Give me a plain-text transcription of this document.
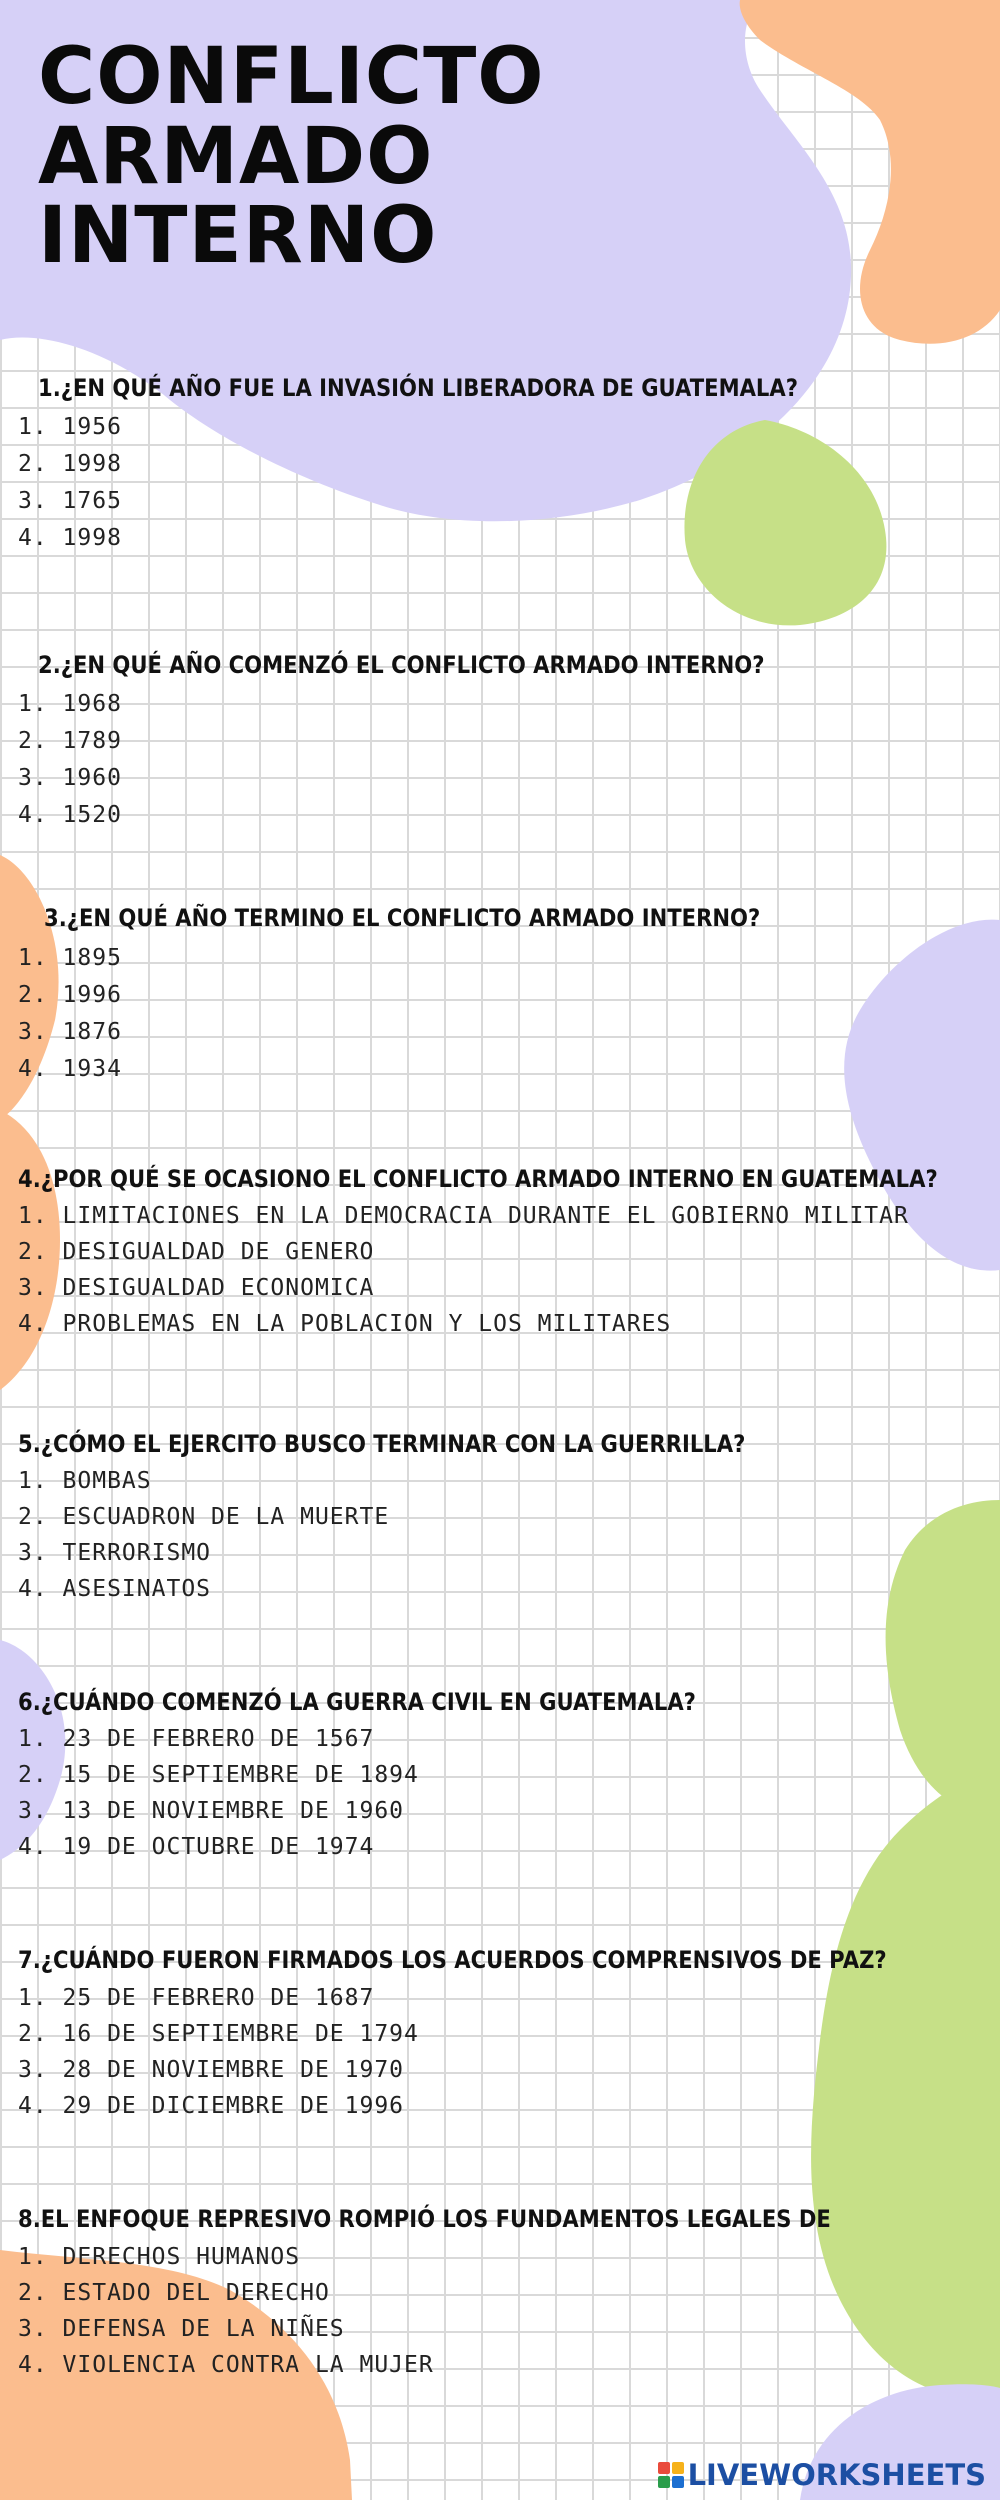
CONFLICTO
ARMADO
INTERNO

1.¿EN QUÉ AÑO FUE LA INVASIÓN LIBERADORA DE GUATEMALA?

1. 1956
2. 1998
3. 1765
4. 1998

2.¿EN QUÉ AÑO COMENZÓ EL CONFLICTO ARMADO INTERNO?

1. 1968
2. 1789
3. 1960
4. 1520

3.¿EN QUÉ AÑO TERMINO EL CONFLICTO ARMADO INTERNO?

1. 1895
2. 1996
3. 1876
4. 1934

4.¿POR QUÉ SE OCASIONO EL CONFLICTO ARMADO INTERNO EN GUATEMALA?

1. LIMITACIONES EN LA DEMOCRACIA DURANTE EL GOBIERNO MILITAR
2. DESIGUALDAD DE GENERO
3. DESIGUALDAD ECONOMICA
4. PROBLEMAS EN LA POBLACION Y LOS MILITARES

5.¿CÓMO EL EJERCITO BUSCO TERMINAR CON LA GUERRILLA?

1. BOMBAS
2. ESCUADRON DE LA MUERTE
3. TERRORISMO
4. ASESINATOS

6.¿CUÁNDO COMENZÓ LA GUERRA CIVIL EN GUATEMALA?

1. 23 DE FEBRERO DE 1567
2. 15 DE SEPTIEMBRE DE 1894
3. 13 DE NOVIEMBRE DE 1960
4. 19 DE OCTUBRE DE 1974

7.¿CUÁNDO FUERON FIRMADOS LOS ACUERDOS COMPRENSIVOS DE PAZ?

1. 25 DE FEBRERO DE 1687
2. 16 DE SEPTIEMBRE DE 1794
3. 28 DE NOVIEMBRE DE 1970
4. 29 DE DICIEMBRE DE 1996

8.EL ENFOQUE REPRESIVO ROMPIÓ LOS FUNDAMENTOS LEGALES DE

1. DERECHOS HUMANOS
2. ESTADO DEL DERECHO
3. DEFENSA DE LA NIÑES
4. VIOLENCIA CONTRA LA MUJER
LIVEWORKSHEETS
